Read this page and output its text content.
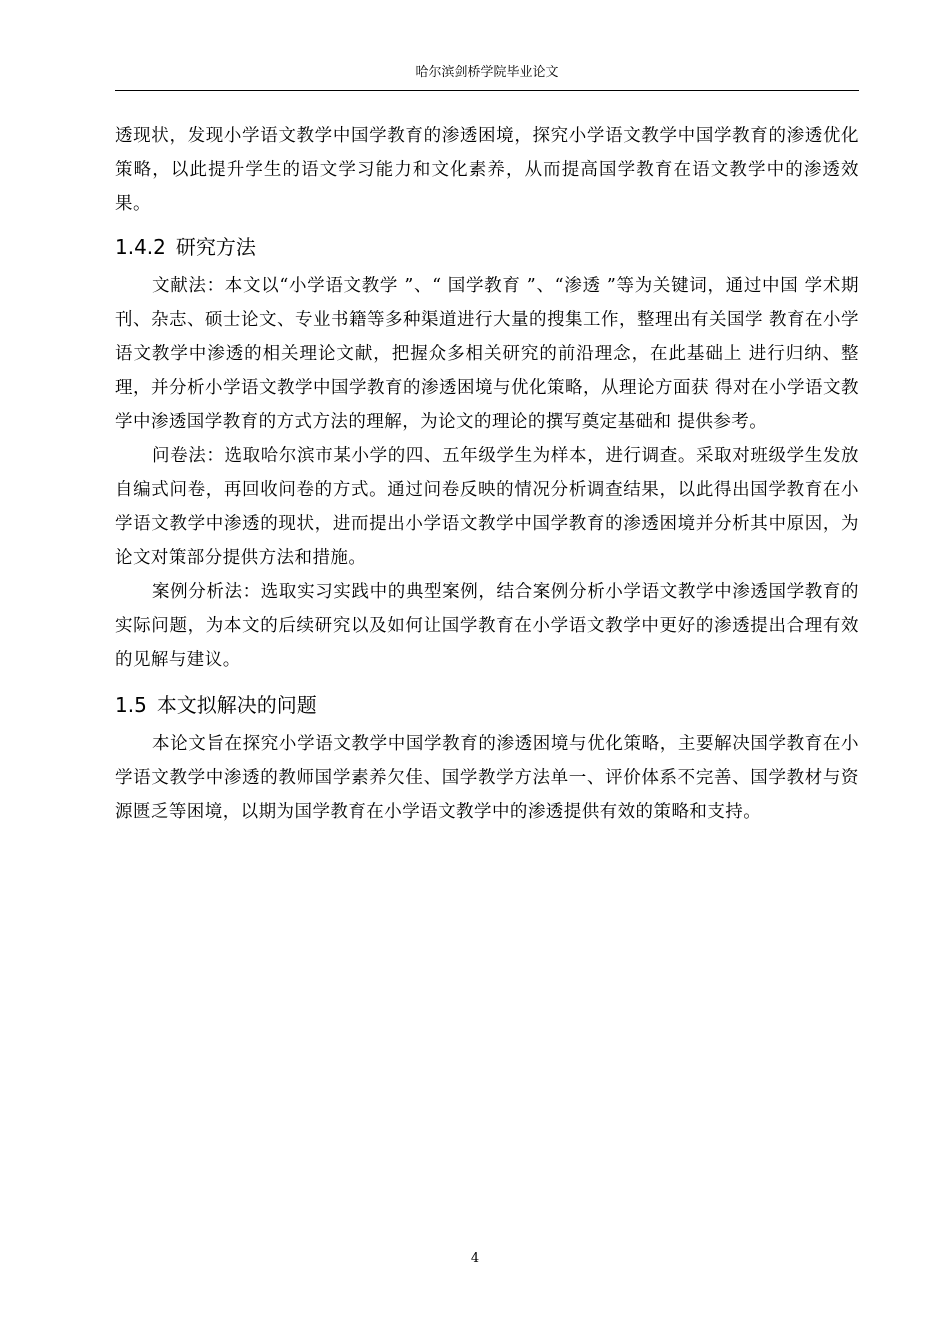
哈尔滨剑桥学院毕业论文

透现状，发现小学语文教学中国学教育的渗透困境，探究小学语文教学中国学教育的渗透优化策略，以此提升学生的语文学习能力和文化素养，从而提高国学教育在语文教学中的渗透效果。

1.4.2 研究方法

文献法：本文以“小学语文教学 ”、“ 国学教育 ”、“渗透 ”等为关键词，通过中国 学术期刊、杂志、硕士论文、专业书籍等多种渠道进行大量的搜集工作，整理出有关国学 教育在小学语文教学中渗透的相关理论文献，把握众多相关研究的前沿理念，在此基础上 进行归纳、整理，并分析小学语文教学中国学教育的渗透困境与优化策略，从理论方面获 得对在小学语文教学中渗透国学教育的方式方法的理解，为论文的理论的撰写奠定基础和 提供参考。

问卷法：选取哈尔滨市某小学的四、五年级学生为样本，进行调查。采取对班级学生发放自编式问卷，再回收问卷的方式。通过问卷反映的情况分析调查结果，以此得出国学教育在小学语文教学中渗透的现状，进而提出小学语文教学中国学教育的渗透困境并分析其中原因，为论文对策部分提供方法和措施。

案例分析法：选取实习实践中的典型案例，结合案例分析小学语文教学中渗透国学教育的实际问题，为本文的后续研究以及如何让国学教育在小学语文教学中更好的渗透提出合理有效的见解与建议。

1.5 本文拟解决的问题

本论文旨在探究小学语文教学中国学教育的渗透困境与优化策略，主要解决国学教育在小学语文教学中渗透的教师国学素养欠佳、国学教学方法单一、评价体系不完善、国学教材与资源匮乏等困境，以期为国学教育在小学语文教学中的渗透提供有效的策略和支持。

4
